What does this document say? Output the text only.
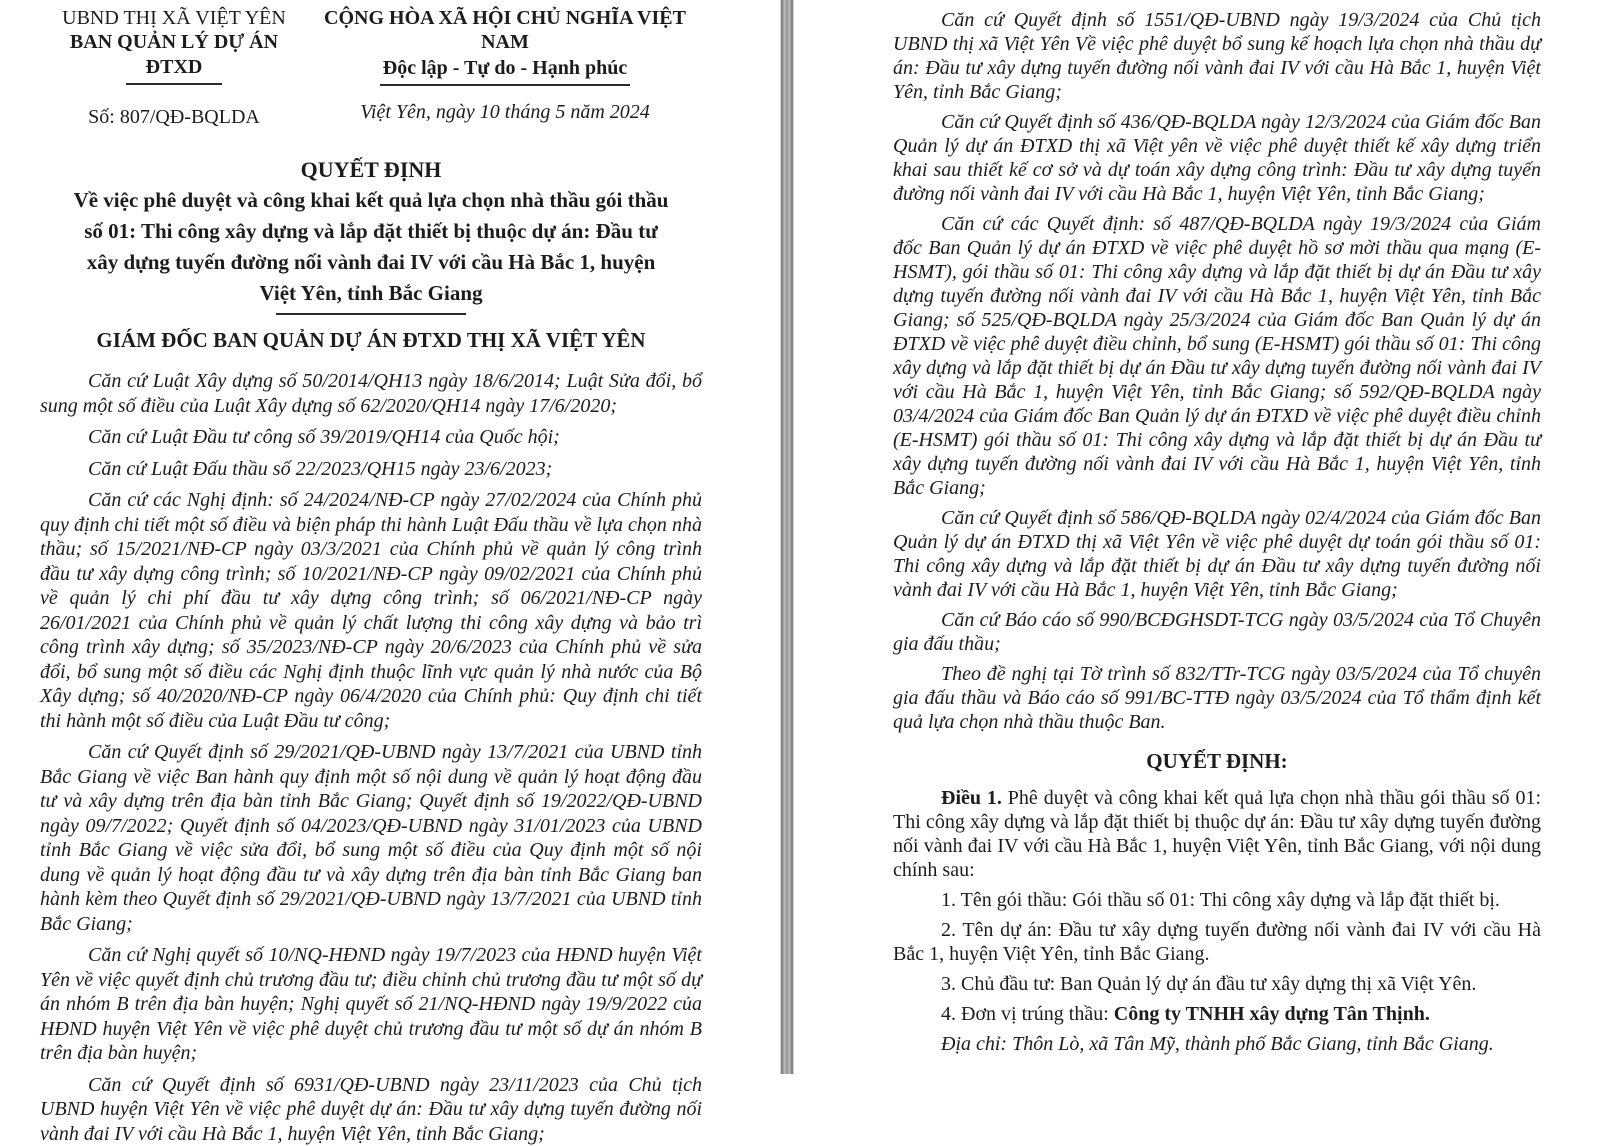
UBND THỊ XÃ VIỆT YÊN
BAN QUẢN LÝ DỰ ÁN ĐTXD
Số: 807/QĐ-BQLDA
CỘNG HÒA XÃ HỘI CHỦ NGHĨA VIỆT NAM
Độc lập - Tự do - Hạnh phúc
Việt Yên, ngày 10 tháng 5 năm 2024
QUYẾT ĐỊNH
Về việc phê duyệt và công khai kết quả lựa chọn nhà thầu gói thầu số 01: Thi công xây dựng và lắp đặt thiết bị thuộc dự án: Đầu tư xây dựng tuyến đường nối vành đai IV với cầu Hà Bắc 1, huyện Việt Yên, tỉnh Bắc Giang
GIÁM ĐỐC BAN QUẢN DỰ ÁN ĐTXD THỊ XÃ VIỆT YÊN

Căn cứ Luật Xây dựng số 50/2014/QH13 ngày 18/6/2014; Luật Sửa đổi, bổ sung một số điều của Luật Xây dựng số 62/2020/QH14 ngày 17/6/2020;

Căn cứ Luật Đầu tư công số 39/2019/QH14 của Quốc hội;

Căn cứ Luật Đấu thầu số 22/2023/QH15 ngày 23/6/2023;

Căn cứ các Nghị định: số 24/2024/NĐ-CP ngày 27/02/2024 của Chính phủ quy định chi tiết một số điều và biện pháp thi hành Luật Đấu thầu về lựa chọn nhà thầu; số 15/2021/NĐ-CP ngày 03/3/2021 của Chính phủ về quản lý công trình đầu tư xây dựng công trình; số 10/2021/NĐ-CP ngày 09/02/2021 của Chính phủ về quản lý chi phí đầu tư xây dựng công trình; số 06/2021/NĐ-CP ngày 26/01/2021 của Chính phủ về quản lý chất lượng thi công xây dựng và bảo trì công trình xây dựng; số 35/2023/NĐ-CP ngày 20/6/2023 của Chính phủ về sửa đổi, bổ sung một số điều các Nghị định thuộc lĩnh vực quản lý nhà nước của Bộ Xây dựng; số 40/2020/NĐ-CP ngày 06/4/2020 của Chính phủ: Quy định chi tiết thi hành một số điều của Luật Đầu tư công;

Căn cứ Quyết định số 29/2021/QĐ-UBND ngày 13/7/2021 của UBND tỉnh Bắc Giang về việc Ban hành quy định một số nội dung về quản lý hoạt động đầu tư và xây dựng trên địa bàn tỉnh Bắc Giang; Quyết định số 19/2022/QĐ-UBND ngày 09/7/2022; Quyết định số 04/2023/QĐ-UBND ngày 31/01/2023 của UBND tỉnh Bắc Giang về việc sửa đổi, bổ sung một số điều của Quy định một số nội dung về quản lý hoạt động đầu tư và xây dựng trên địa bàn tỉnh Bắc Giang ban hành kèm theo Quyết định số 29/2021/QĐ-UBND ngày 13/7/2021 của UBND tỉnh Bắc Giang;

Căn cứ Nghị quyết số 10/NQ-HĐND ngày 19/7/2023 của HĐND huyện Việt Yên về việc quyết định chủ trương đầu tư; điều chỉnh chủ trương đầu tư một số dự án nhóm B trên địa bàn huyện; Nghị quyết số 21/NQ-HĐND ngày 19/9/2022 của HĐND huyện Việt Yên về việc phê duyệt chủ trương đầu tư một số dự án nhóm B trên địa bàn huyện;

Căn cứ Quyết định số 6931/QĐ-UBND ngày 23/11/2023 của Chủ tịch UBND huyện Việt Yên về việc phê duyệt dự án: Đầu tư xây dựng tuyến đường nối vành đai IV với cầu Hà Bắc 1, huyện Việt Yên, tỉnh Bắc Giang;

Căn cứ Quyết định số 1551/QĐ-UBND ngày 19/3/2024 của Chủ tịch UBND thị xã Việt Yên Về việc phê duyệt bổ sung kế hoạch lựa chọn nhà thầu dự án: Đầu tư xây dựng tuyến đường nối vành đai IV với cầu Hà Bắc 1, huyện Việt Yên, tỉnh Bắc Giang;

Căn cứ Quyết định số 436/QĐ-BQLDA ngày 12/3/2024 của Giám đốc Ban Quản lý dự án ĐTXD thị xã Việt yên về việc phê duyệt thiết kế xây dựng triển khai sau thiết kế cơ sở và dự toán xây dựng công trình: Đầu tư xây dựng tuyến đường nối vành đai IV với cầu Hà Bắc 1, huyện Việt Yên, tỉnh Bắc Giang;

Căn cứ các Quyết định: số 487/QĐ-BQLDA ngày 19/3/2024 của Giám đốc Ban Quản lý dự án ĐTXD về việc phê duyệt hồ sơ mời thầu qua mạng (E-HSMT), gói thầu số 01: Thi công xây dựng và lắp đặt thiết bị dự án Đầu tư xây dựng tuyến đường nối vành đai IV với cầu Hà Bắc 1, huyện Việt Yên, tỉnh Bắc Giang; số 525/QĐ-BQLDA ngày 25/3/2024 của Giám đốc Ban Quản lý dự án ĐTXD về việc phê duyệt điều chỉnh, bổ sung (E-HSMT) gói thầu số 01: Thi công xây dựng và lắp đặt thiết bị dự án Đầu tư xây dựng tuyến đường nối vành đai IV với cầu Hà Bắc 1, huyện Việt Yên, tỉnh Bắc Giang; số 592/QĐ-BQLDA ngày 03/4/2024 của Giám đốc Ban Quản lý dự án ĐTXD về việc phê duyệt điều chỉnh (E-HSMT) gói thầu số 01: Thi công xây dựng và lắp đặt thiết bị dự án Đầu tư xây dựng tuyến đường nối vành đai IV với cầu Hà Bắc 1, huyện Việt Yên, tỉnh Bắc Giang;

Căn cứ Quyết định số 586/QĐ-BQLDA ngày 02/4/2024 của Giám đốc Ban Quản lý dự án ĐTXD thị xã Việt Yên về việc phê duyệt dự toán gói thầu số 01: Thi công xây dựng và lắp đặt thiết bị dự án Đầu tư xây dựng tuyến đường nối vành đai IV với cầu Hà Bắc 1, huyện Việt Yên, tỉnh Bắc Giang;

Căn cứ Báo cáo số 990/BCĐGHSDT-TCG ngày 03/5/2024 của Tổ Chuyên gia đấu thầu;

Theo đề nghị tại Tờ trình số 832/TTr-TCG ngày 03/5/2024 của Tổ chuyên gia đấu thầu và Báo cáo số 991/BC-TTĐ ngày 03/5/2024 của Tổ thẩm định kết quả lựa chọn nhà thầu thuộc Ban.

QUYẾT ĐỊNH:

Điều 1. Phê duyệt và công khai kết quả lựa chọn nhà thầu gói thầu số 01: Thi công xây dựng và lắp đặt thiết bị thuộc dự án: Đầu tư xây dựng tuyến đường nối vành đai IV với cầu Hà Bắc 1, huyện Việt Yên, tỉnh Bắc Giang, với nội dung chính sau:

1. Tên gói thầu: Gói thầu số 01: Thi công xây dựng và lắp đặt thiết bị.

2. Tên dự án: Đầu tư xây dựng tuyến đường nối vành đai IV với cầu Hà Bắc 1, huyện Việt Yên, tỉnh Bắc Giang.

3. Chủ đầu tư: Ban Quản lý dự án đầu tư xây dựng thị xã Việt Yên.

4. Đơn vị trúng thầu: Công ty TNHH xây dựng Tân Thịnh.

Địa chỉ: Thôn Lò, xã Tân Mỹ, thành phố Bắc Giang, tỉnh Bắc Giang.
